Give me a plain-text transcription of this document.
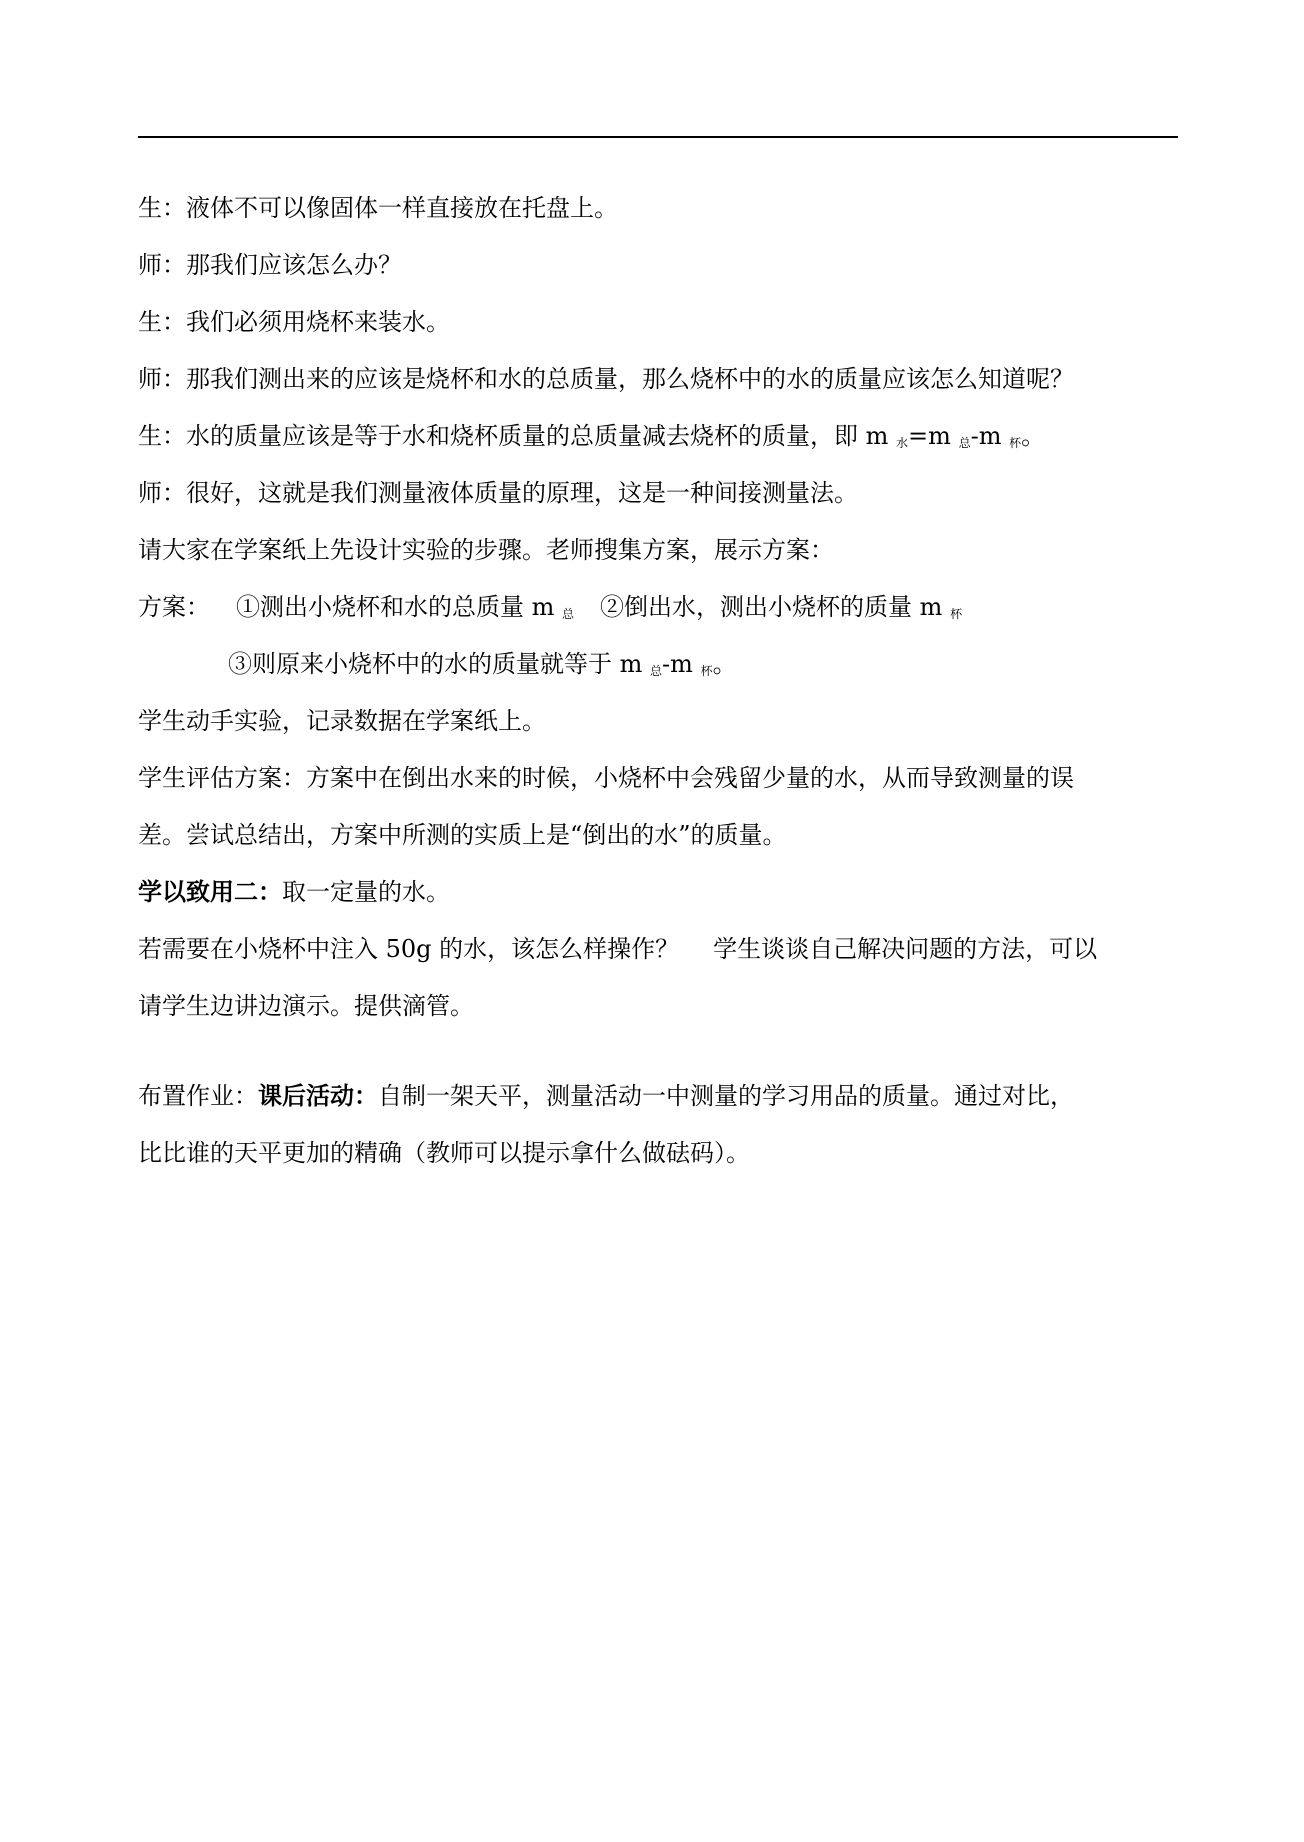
生：液体不可以像固体一样直接放在托盘上。
师：那我们应该怎么办？
生：我们必须用烧杯来装水。
师：那我们测出来的应该是烧杯和水的总质量，那么烧杯中的水的质量应该怎么知道呢？
生：水的质量应该是等于水和烧杯质量的总质量减去烧杯的质量，即 m $_水$=m $_总$-m $_杯$。
师：很好，这就是我们测量液体质量的原理，这是一种间接测量法。
请大家在学案纸上先设计实验的步骤。老师搜集方案，展示方案：
方案： ①测出小烧杯和水的总质量 m $_总$ ②倒出水，测出小烧杯的质量 m $_杯$
③则原来小烧杯中的水的质量就等于 m $_总$-m $_杯$。
学生动手实验，记录数据在学案纸上。
学生评估方案：方案中在倒出水来的时候，小烧杯中会残留少量的水，从而导致测量的误
差。尝试总结出，方案中所测的实质上是“倒出的水”的质量。
学以致用二：取一定量的水。
若需要在小烧杯中注入 50g 的水，该怎么样操作？ 学生谈谈自己解决问题的方法，可以
请学生边讲边演示。提供滴管。
布置作业：课后活动：自制一架天平，测量活动一中测量的学习用品的质量。通过对比，
比比谁的天平更加的精确（教师可以提示拿什么做砝码）。
